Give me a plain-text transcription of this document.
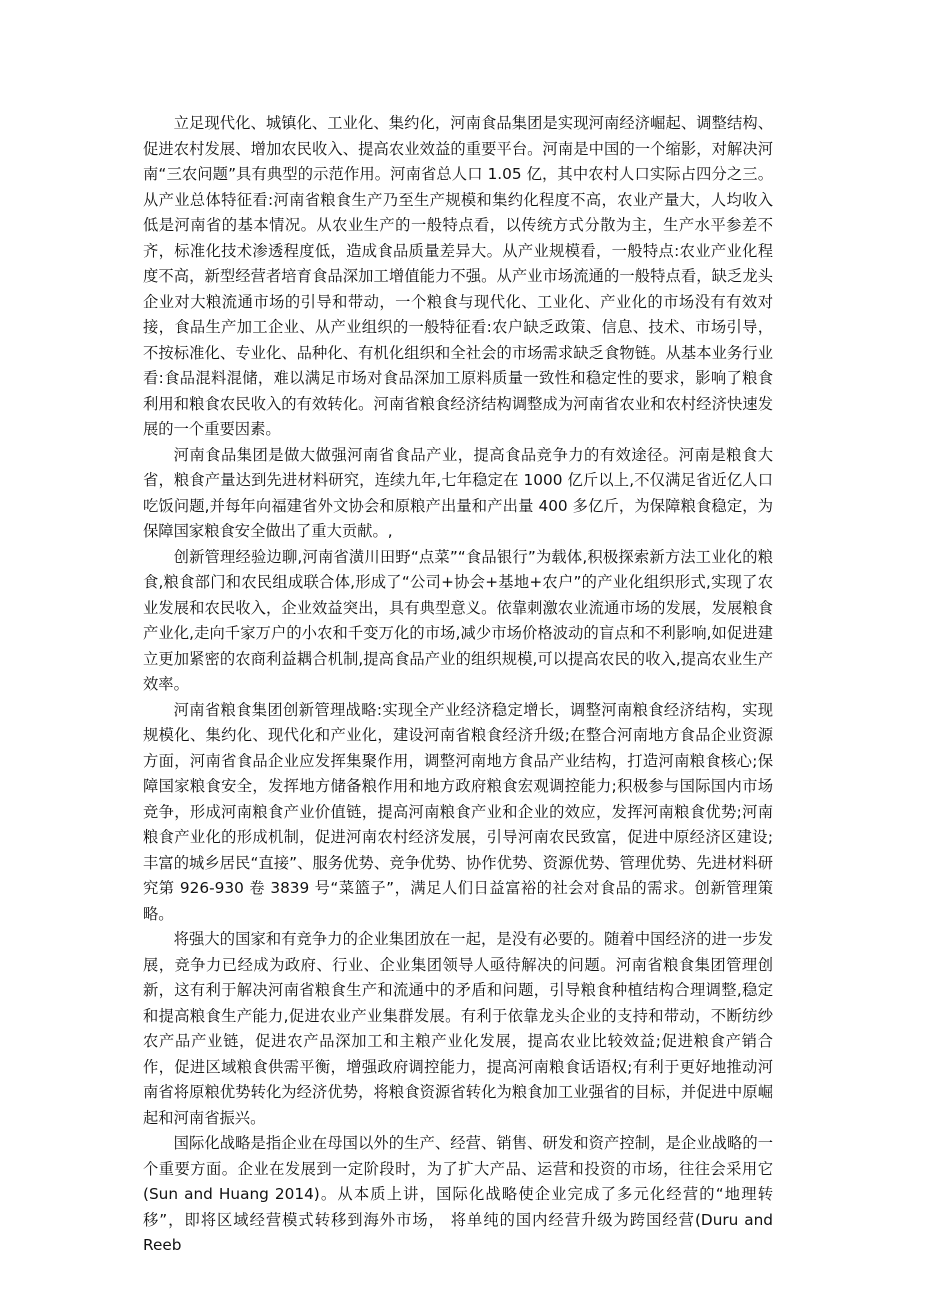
立足现代化、城镇化、工业化、集约化，河南食品集团是实现河南经济崛起、调整结构、促进农村发展、增加农民收入、提高农业效益的重要平台。河南是中国的一个缩影，对解决河南“三农问题”具有典型的示范作用。河南省总人口 1.05 亿，其中农村人口实际占四分之三。从产业总体特征看:河南省粮食生产乃至生产规模和集约化程度不高，农业产量大，人均收入低是河南省的基本情况。从农业生产的一般特点看，以传统方式分散为主，生产水平参差不齐，标准化技术渗透程度低，造成食品质量差异大。从产业规模看，一般特点:农业产业化程度不高，新型经营者培育食品深加工增值能力不强。从产业市场流通的一般特点看，缺乏龙头企业对大粮流通市场的引导和带动，一个粮食与现代化、工业化、产业化的市场没有有效对接，食品生产加工企业、从产业组织的一般特征看:农户缺乏政策、信息、技术、市场引导，不按标准化、专业化、品种化、有机化组织和全社会的市场需求缺乏食物链。从基本业务行业看:食品混料混储，难以满足市场对食品深加工原料质量一致性和稳定性的要求，影响了粮食利用和粮食农民收入的有效转化。河南省粮食经济结构调整成为河南省农业和农村经济快速发展的一个重要因素。

河南食品集团是做大做强河南省食品产业，提高食品竞争力的有效途径。河南是粮食大省，粮食产量达到先进材料研究，连续九年,七年稳定在 1000 亿斤以上,不仅满足省近亿人口吃饭问题,并每年向福建省外文协会和原粮产出量和产出量 400 多亿斤，为保障粮食稳定，为保障国家粮食安全做出了重大贡献。,

创新管理经验边聊,河南省潢川田野“点菜”“食品银行”为载体,积极探索新方法工业化的粮食,粮食部门和农民组成联合体,形成了“公司+协会+基地+农户”的产业化组织形式,实现了农业发展和农民收入，企业效益突出，具有典型意义。依靠刺激农业流通市场的发展，发展粮食产业化,走向千家万户的小农和千变万化的市场,减少市场价格波动的盲点和不利影响,如促进建立更加紧密的农商利益耦合机制,提高食品产业的组织规模,可以提高农民的收入,提高农业生产效率。

河南省粮食集团创新管理战略:实现全产业经济稳定增长，调整河南粮食经济结构，实现规模化、集约化、现代化和产业化，建设河南省粮食经济升级;在整合河南地方食品企业资源方面，河南省食品企业应发挥集聚作用，调整河南地方食品产业结构，打造河南粮食核心;保障国家粮食安全，发挥地方储备粮作用和地方政府粮食宏观调控能力;积极参与国际国内市场竞争，形成河南粮食产业价值链，提高河南粮食产业和企业的效应，发挥河南粮食优势;河南粮食产业化的形成机制，促进河南农村经济发展，引导河南农民致富，促进中原经济区建设;丰富的城乡居民“直接”、服务优势、竞争优势、协作优势、资源优势、管理优势、先进材料研究第 926-930 卷 3839 号“菜篮子”，满足人们日益富裕的社会对食品的需求。创新管理策略。

将强大的国家和有竞争力的企业集团放在一起，是没有必要的。随着中国经济的进一步发展，竞争力已经成为政府、行业、企业集团领导人亟待解决的问题。河南省粮食集团管理创新，这有利于解决河南省粮食生产和流通中的矛盾和问题，引导粮食种植结构合理调整,稳定和提高粮食生产能力,促进农业产业集群发展。有利于依靠龙头企业的支持和带动，不断纺纱农产品产业链，促进农产品深加工和主粮产业化发展，提高农业比较效益;促进粮食产销合作，促进区域粮食供需平衡，增强政府调控能力，提高河南粮食话语权;有利于更好地推动河南省将原粮优势转化为经济优势，将粮食资源省转化为粮食加工业强省的目标，并促进中原崛起和河南省振兴。

国际化战略是指企业在母国以外的生产、经营、销售、研发和资产控制，是企业战略的一个重要方面。企业在发展到一定阶段时，为了扩大产品、运营和投资的市场，往往会采用它(Sun and Huang 2014)。从本质上讲，国际化战略使企业完成了多元化经营的“地理转移”，即将区域经营模式转移到海外市场， 将单纯的国内经营升级为跨国经营(Duru and Reeb
